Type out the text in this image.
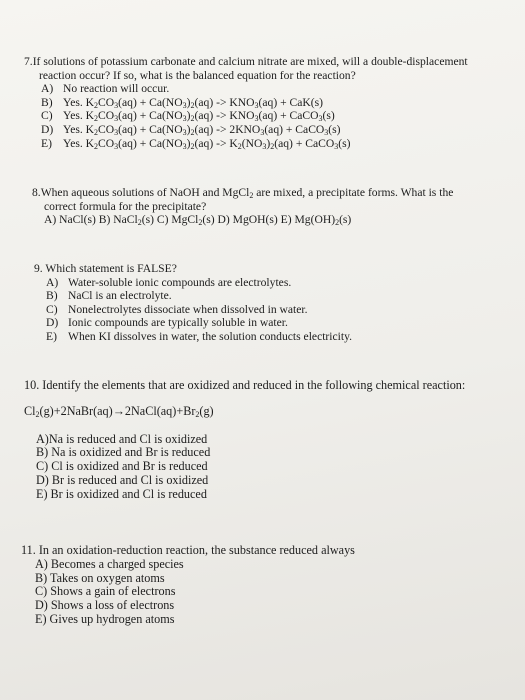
7.If solutions of potassium carbonate and calcium nitrate are mixed, will a double-displacement
reaction occur? If so, what is the balanced equation for the reaction?
A) No reaction will occur.
B) Yes. $K_2CO_3(aq) + Ca(NO_3)_2(aq) -> KNO_3(aq) + CaK(s)$
C) Yes. $K_2CO_3(aq) + Ca(NO_3)_2(aq) -> KNO_3(aq)$ + CaCO$_3$(s)
D) Yes. $K_2CO_3(aq) + Ca(NO_3)_2(aq) -> 2KNO_3(aq)$ + CaCO$_3$(s)
E) Yes. $K_2CO_3(aq) + Ca(NO_3)_2(aq) -> K_2(NO_3)_2(aq)$ + CaCO$_3$(s)
8.When aqueous solutions of NaOH and MgCl$_2$ are mixed, a precipitate forms. What is the
correct formula for the precipitate?
A) NaCl(s) B) NaCl$_2$(s) C) MgCl$_2$(s) D) MgOH(s) E) $Mg(OH)_2(s)$
9. Which statement is FALSE?
A) Water-soluble ionic compounds are electrolytes.
B) NaCl is an electrolyte.
C) Nonelectrolytes dissociate when dissolved in water.
D) Ionic compounds are typically soluble in water.
E) When KI dissolves in water, the solution conducts electricity.
10. Identify the elements that are oxidized and reduced in the following chemical reaction:
$Cl_2(g)+2NaBr(aq)\to 2NaCl(aq)+Br_2(g)$
A)Na is reduced and Cl is oxidized
B) Na is oxidized and Br is reduced
C) Cl is oxidized and Br is reduced
D) Br is reduced and Cl is oxidized
E) Br is oxidized and Cl is reduced
11. In an oxidation-reduction reaction, the substance reduced always
A) Becomes a charged species
B) Takes on oxygen atoms
C) Shows a gain of electrons
D) Shows a loss of electrons
E) Gives up hydrogen atoms
